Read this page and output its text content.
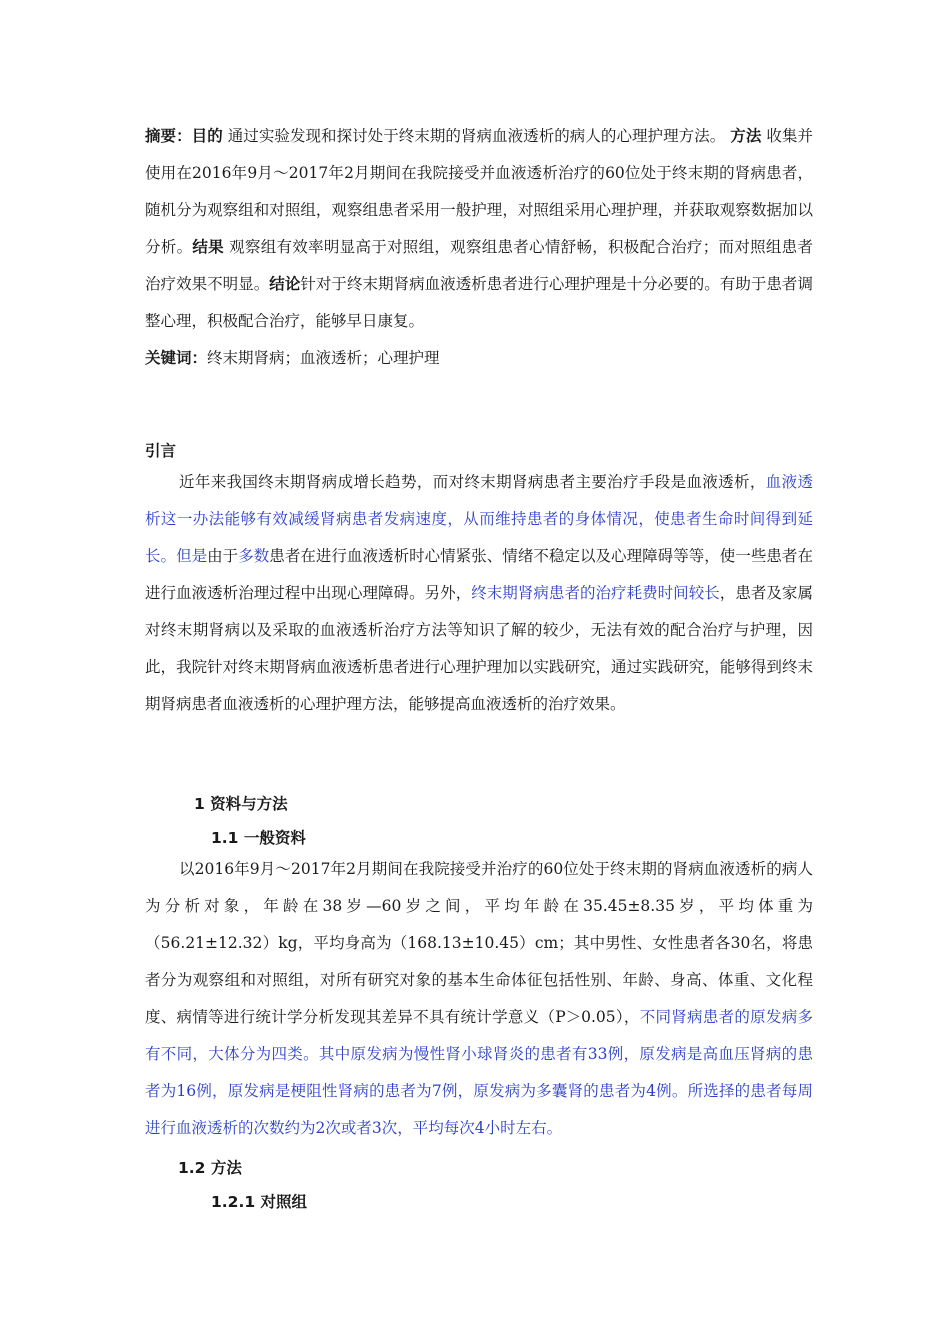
摘要：目的 通过实验发现和探讨处于终末期的肾病血液透析的病人的心理护理方法。 方法 收集并使用在2016年9月～2017年2月期间在我院接受并血液透析治疗的60位处于终末期的肾病患者，随机分为观察组和对照组，观察组患者采用一般护理，对照组采用心理护理，并获取观察数据加以分析。结果 观察组有效率明显高于对照组，观察组患者心情舒畅，积极配合治疗；而对照组患者治疗效果不明显。结论针对于终末期肾病血液透析患者进行心理护理是十分必要的。有助于患者调整心理，积极配合治疗，能够早日康复。
关键词：终末期肾病；血液透析；心理护理
引言
近年来我国终末期肾病成增长趋势，而对终末期肾病患者主要治疗手段是血液透析，血液透析这一办法能够有效减缓肾病患者发病速度，从而维持患者的身体情况，使患者生命时间得到延长。但是由于多数患者在进行血液透析时心情紧张、情绪不稳定以及心理障碍等等，使一些患者在进行血液透析治理过程中出现心理障碍。另外，终末期肾病患者的治疗耗费时间较长，患者及家属对终末期肾病以及采取的血液透析治疗方法等知识了解的较少，无法有效的配合治疗与护理，因此，我院针对终末期肾病血液透析患者进行心理护理加以实践研究，通过实践研究，能够得到终末期肾病患者血液透析的心理护理方法，能够提高血液透析的治疗效果。
1 资料与方法
1.1 一般资料
以2016年9月～2017年2月期间在我院接受并治疗的60位处于终末期的肾病血液透析的病人为分析对象，年龄在38岁—60岁之间，平均年龄在35.45±8.35岁，平均体重为（56.21±12.32）kg，平均身高为（168.13±10.45）cm；其中男性、女性患者各30名，将患者分为观察组和对照组，对所有研究对象的基本生命体征包括性别、年龄、身高、体重、文化程度、病情等进行统计学分析发现其差异不具有统计学意义（P＞0.05），不同肾病患者的原发病多有不同，大体分为四类。其中原发病为慢性肾小球肾炎的患者有33例，原发病是高血压肾病的患者为16例，原发病是梗阻性肾病的患者为7例，原发病为多囊肾的患者为4例。所选择的患者每周进行血液透析的次数约为2次或者3次，平均每次4小时左右。
1.2 方法
1.2.1 对照组
